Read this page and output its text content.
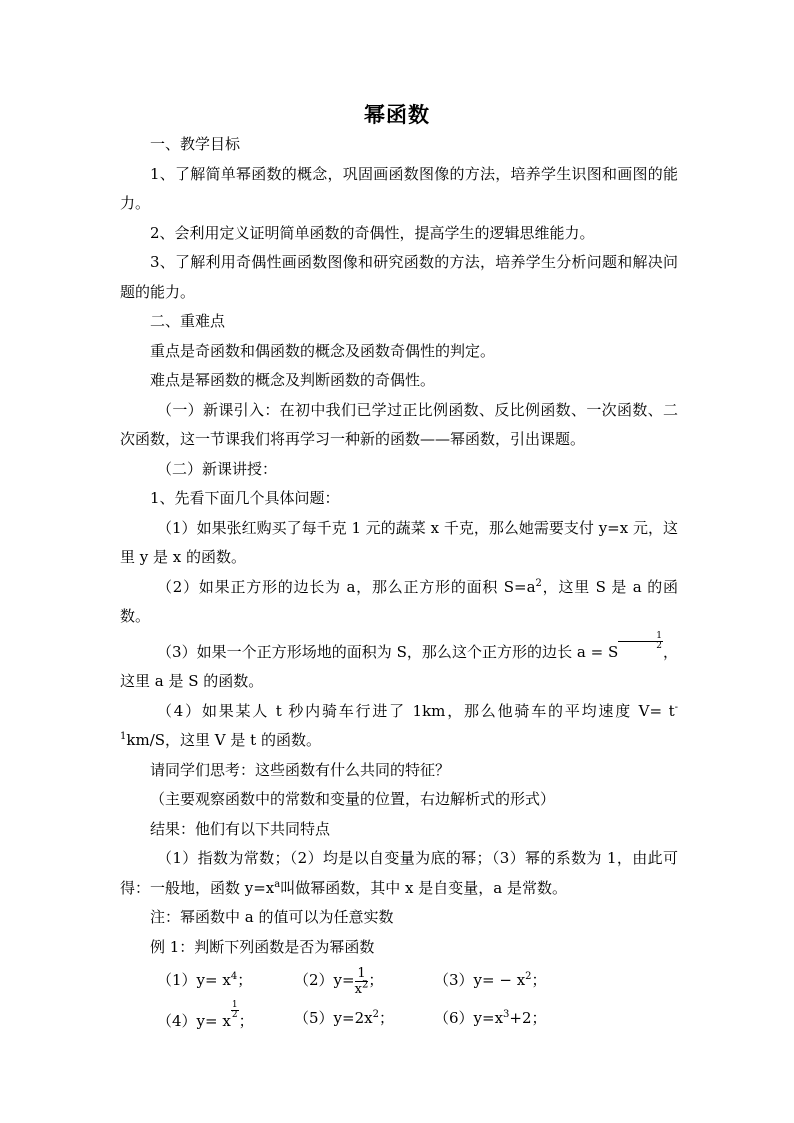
幂函数

一、教学目标

1、了解简单幂函数的概念，巩固画函数图像的方法，培养学生识图和画图的能力。

2、会利用定义证明简单函数的奇偶性，提高学生的逻辑思维能力。

3、了解利用奇偶性画函数图像和研究函数的方法，培养学生分析问题和解决问题的能力。

二、重难点

重点是奇函数和偶函数的概念及函数奇偶性的判定。

难点是幂函数的概念及判断函数的奇偶性。

（一）新课引入：在初中我们已学过正比例函数、反比例函数、一次函数、二次函数，这一节课我们将再学习一种新的函数——幂函数，引出课题。

（二）新课讲授：

1、先看下面几个具体问题：

（1）如果张红购买了每千克 1 元的蔬菜 x 千克，那么她需要支付 y=x 元，这里 y 是 x 的函数。

（2）如果正方形的边长为 a，那么正方形的面积 $S=a^2$，这里 S 是 a 的函数。

（3）如果一个正方形场地的面积为 S，那么这个正方形的边长 a = S
$\frac{1}{2}$
，这里 a 是 S 的函数。

（4）如果某人 t 秒内骑车行进了 1km，那么他骑车的平均速度 $V= t^{-1}km/S$，这里 V 是 t 的函数。

请同学们思考：这些函数有什么共同的特征？

（主要观察函数中的常数和变量的位置，右边解析式的形式）

结果：他们有以下共同特点

（1）指数为常数；（2）均是以自变量为底的幂；（3）幂的系数为 1，由此可得：一般地，函数 $y=x^a$叫做幂函数，其中 x 是自变量，a 是常数。

注：幂函数中 a 的值可以为任意实数

例 1：判断下列函数是否为幂函数

$(1)y= x^4$；	$(2)y= \frac{1}{x^2}$ ；	$(3)y= - x^2$；
（4）y= x
$\frac{1}{2}$
；	$(5)y=2x^2$；	$(6)y=x^3+2$；
